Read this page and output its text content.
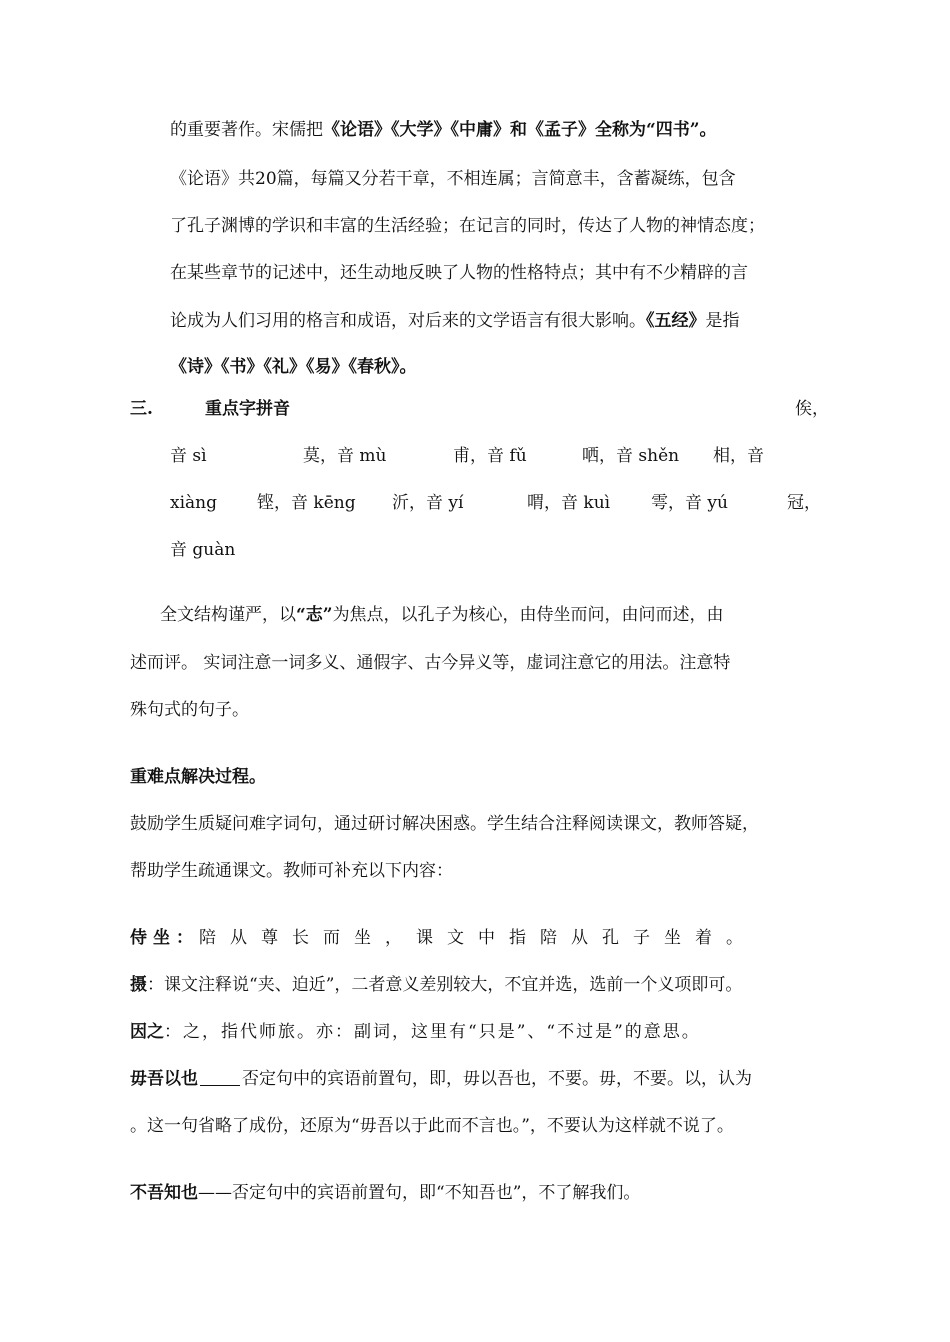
的重要著作。宋儒把《论语》《大学》《中庸》和《孟子》全称为“四书”。
《论语》共20篇，每篇又分若干章，不相连属；言简意丰，含蓄凝练，包含
了孔子渊博的学识和丰富的生活经验；在记言的同时，传达了人物的神情态度；
在某些章节的记述中，还生动地反映了人物的性格特点；其中有不少精辟的言
论成为人们习用的格言和成语，对后来的文学语言有很大影响。《五经》是指
《诗》《书》《礼》《易》《春秋》。
三.	重点字拼音	俟，
音 sì	莫，音 mù	甫，音 fǔ	哂，音 shěn 相，音
xiàng 铿，音 kēng 沂，音 yí	喟，音 kuì 雩，音 yú	冠，
音 guàn
全文结构谨严，以“志”为焦点，以孔子为核心，由侍坐而问，由问而述，由
述而评。 实词注意一词多义、通假字、古今异义等，虚词注意它的用法。注意特
殊句式的句子。
重难点解决过程。
鼓励学生质疑问难字词句，通过研讨解决困惑。学生结合注释阅读课文，教师答疑，
帮助学生疏通课文。教师可补充以下内容：
侍坐：陪从尊长而坐，课文中指陪从孔子坐着。
摄：课文注释说“夹、迫近”，二者意义差别较大，不宜并选，选前一个义项即可。
因之：之，指代师旅。亦：副词，这里有“只是”、“不过是”的意思。
毋吾以也	否定句中的宾语前置句，即，毋以吾也，不要。毋，不要。以，认为
。这一句省略了成份，还原为“毋吾以于此而不言也。”，不要认为这样就不说了。
不吾知也——否定句中的宾语前置句，即“不知吾也”，不了解我们。
